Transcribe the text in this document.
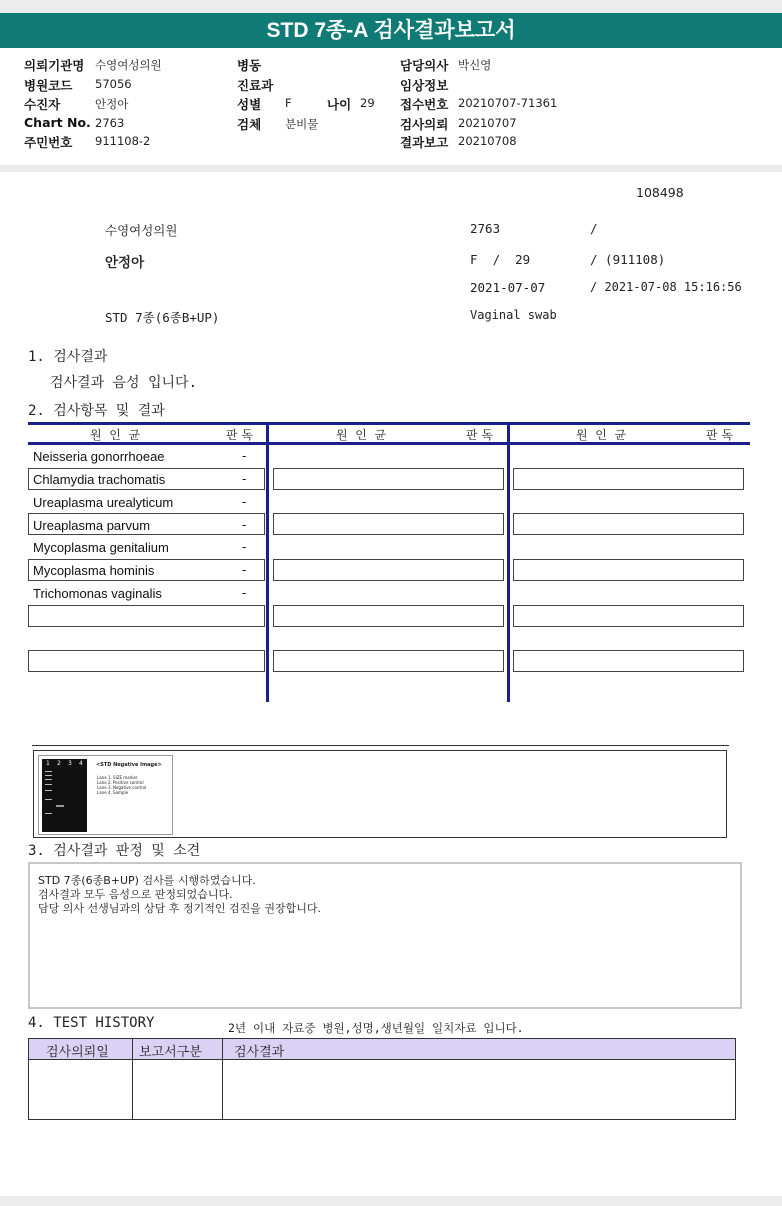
STD 7종-A 검사결과보고서
의뢰기관명 수영여성의원
병원코드 57056
수진자	안정아
Chart No. 2763
주민번호 911108-2
병동
진료과
성별 F	나이 29
검체 분비물
담당의사 박신영
임상정보
접수번호 20210707-71361
검사의뢰 20210707
결과보고 20210708
108498
수영여성의원	2763	/
안정아	F  /  29	/ (911108)
2021-07-07	/ 2021-07-08 15:16:56
STD 7종(6종B+UP)	Vaginal swab
1. 검사결과
검사결과 음성 입니다.
2. 검사항목 및 결과
원  인  균	판 독	원  인  균	판 독	원  인  균	판 독
Neisseria gonorrhoeae	-
Chlamydia trachomatis	-
Ureaplasma urealyticum	-
Ureaplasma parvum	-
Mycoplasma genitalium	-
Mycoplasma hominis	-
Trichomonas vaginalis	-
1 2 3 4	<STD Negative Image>
Lane 1. SIZE marker
Lane 2. Positive control
Lane 3. Negative control
Lane 4. Sample
3. 검사결과 판정 및 소견
STD 7종(6종B+UP) 검사를 시행하였습니다.
검사결과 모두 음성으로 판정되었습니다.
담당 의사 선생님과의 상담 후 정기적인 검진을 권장합니다.
4. TEST HISTORY	2년 이내 자료중 병원,성명,생년월일 일치자료 입니다.
검사의뢰일 보고서구분 검사결과
